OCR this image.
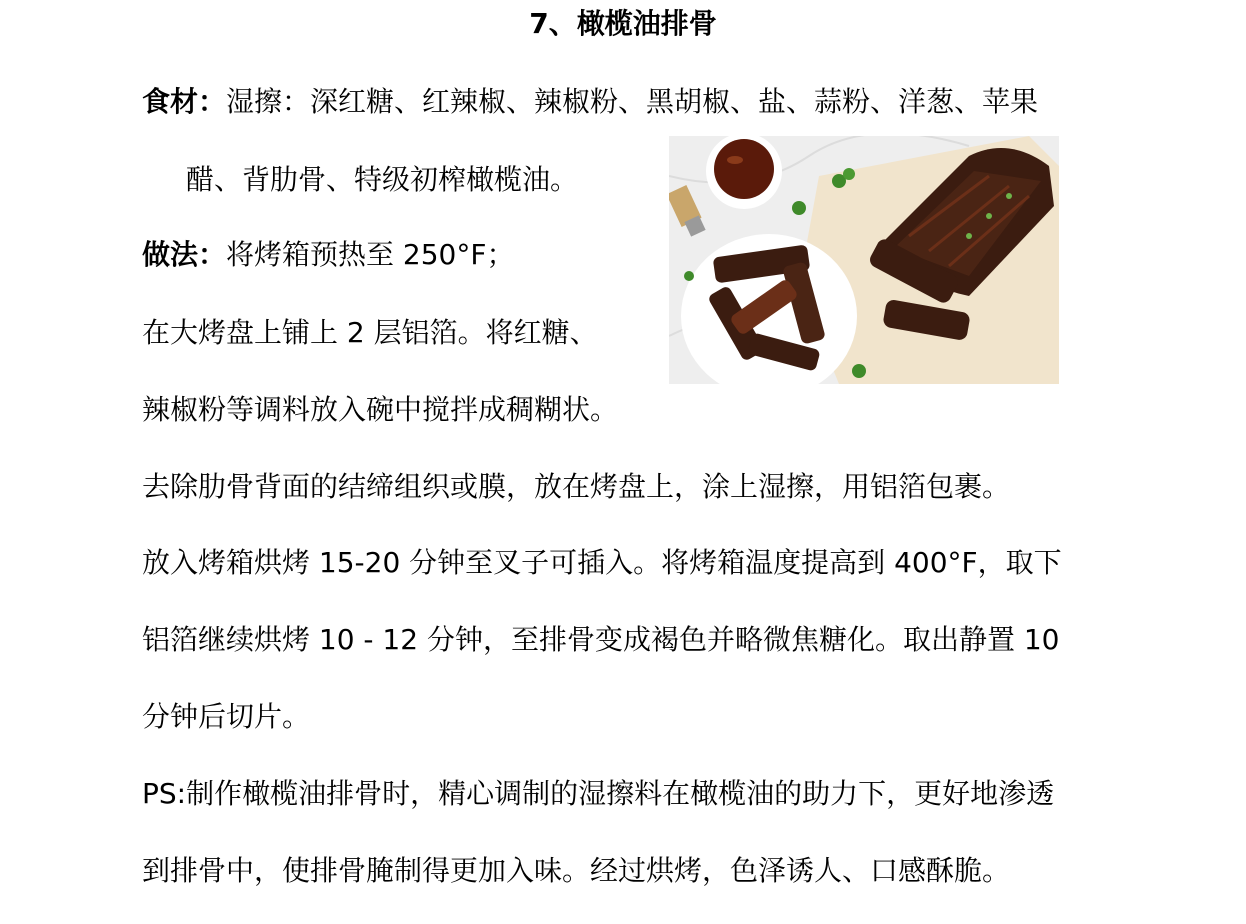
7、橄榄油排骨
食材：湿擦：深红糖、红辣椒、辣椒粉、黑胡椒、盐、蒜粉、洋葱、苹果
醋、背肋骨、特级初榨橄榄油。
做法：将烤箱预热至 250°F；
在大烤盘上铺上 2 层铝箔。将红糖、
辣椒粉等调料放入碗中搅拌成稠糊状。
去除肋骨背面的结缔组织或膜，放在烤盘上，涂上湿擦，用铝箔包裹。
放入烤箱烘烤 15-20 分钟至叉子可插入。将烤箱温度提高到 400°F，取下
铝箔继续烘烤 10 - 12 分钟，至排骨变成褐色并略微焦糖化。取出静置 10
分钟后切片。
PS:制作橄榄油排骨时，精心调制的湿擦料在橄榄油的助力下，更好地渗透
到排骨中，使排骨腌制得更加入味。经过烘烤，色泽诱人、口感酥脆。
